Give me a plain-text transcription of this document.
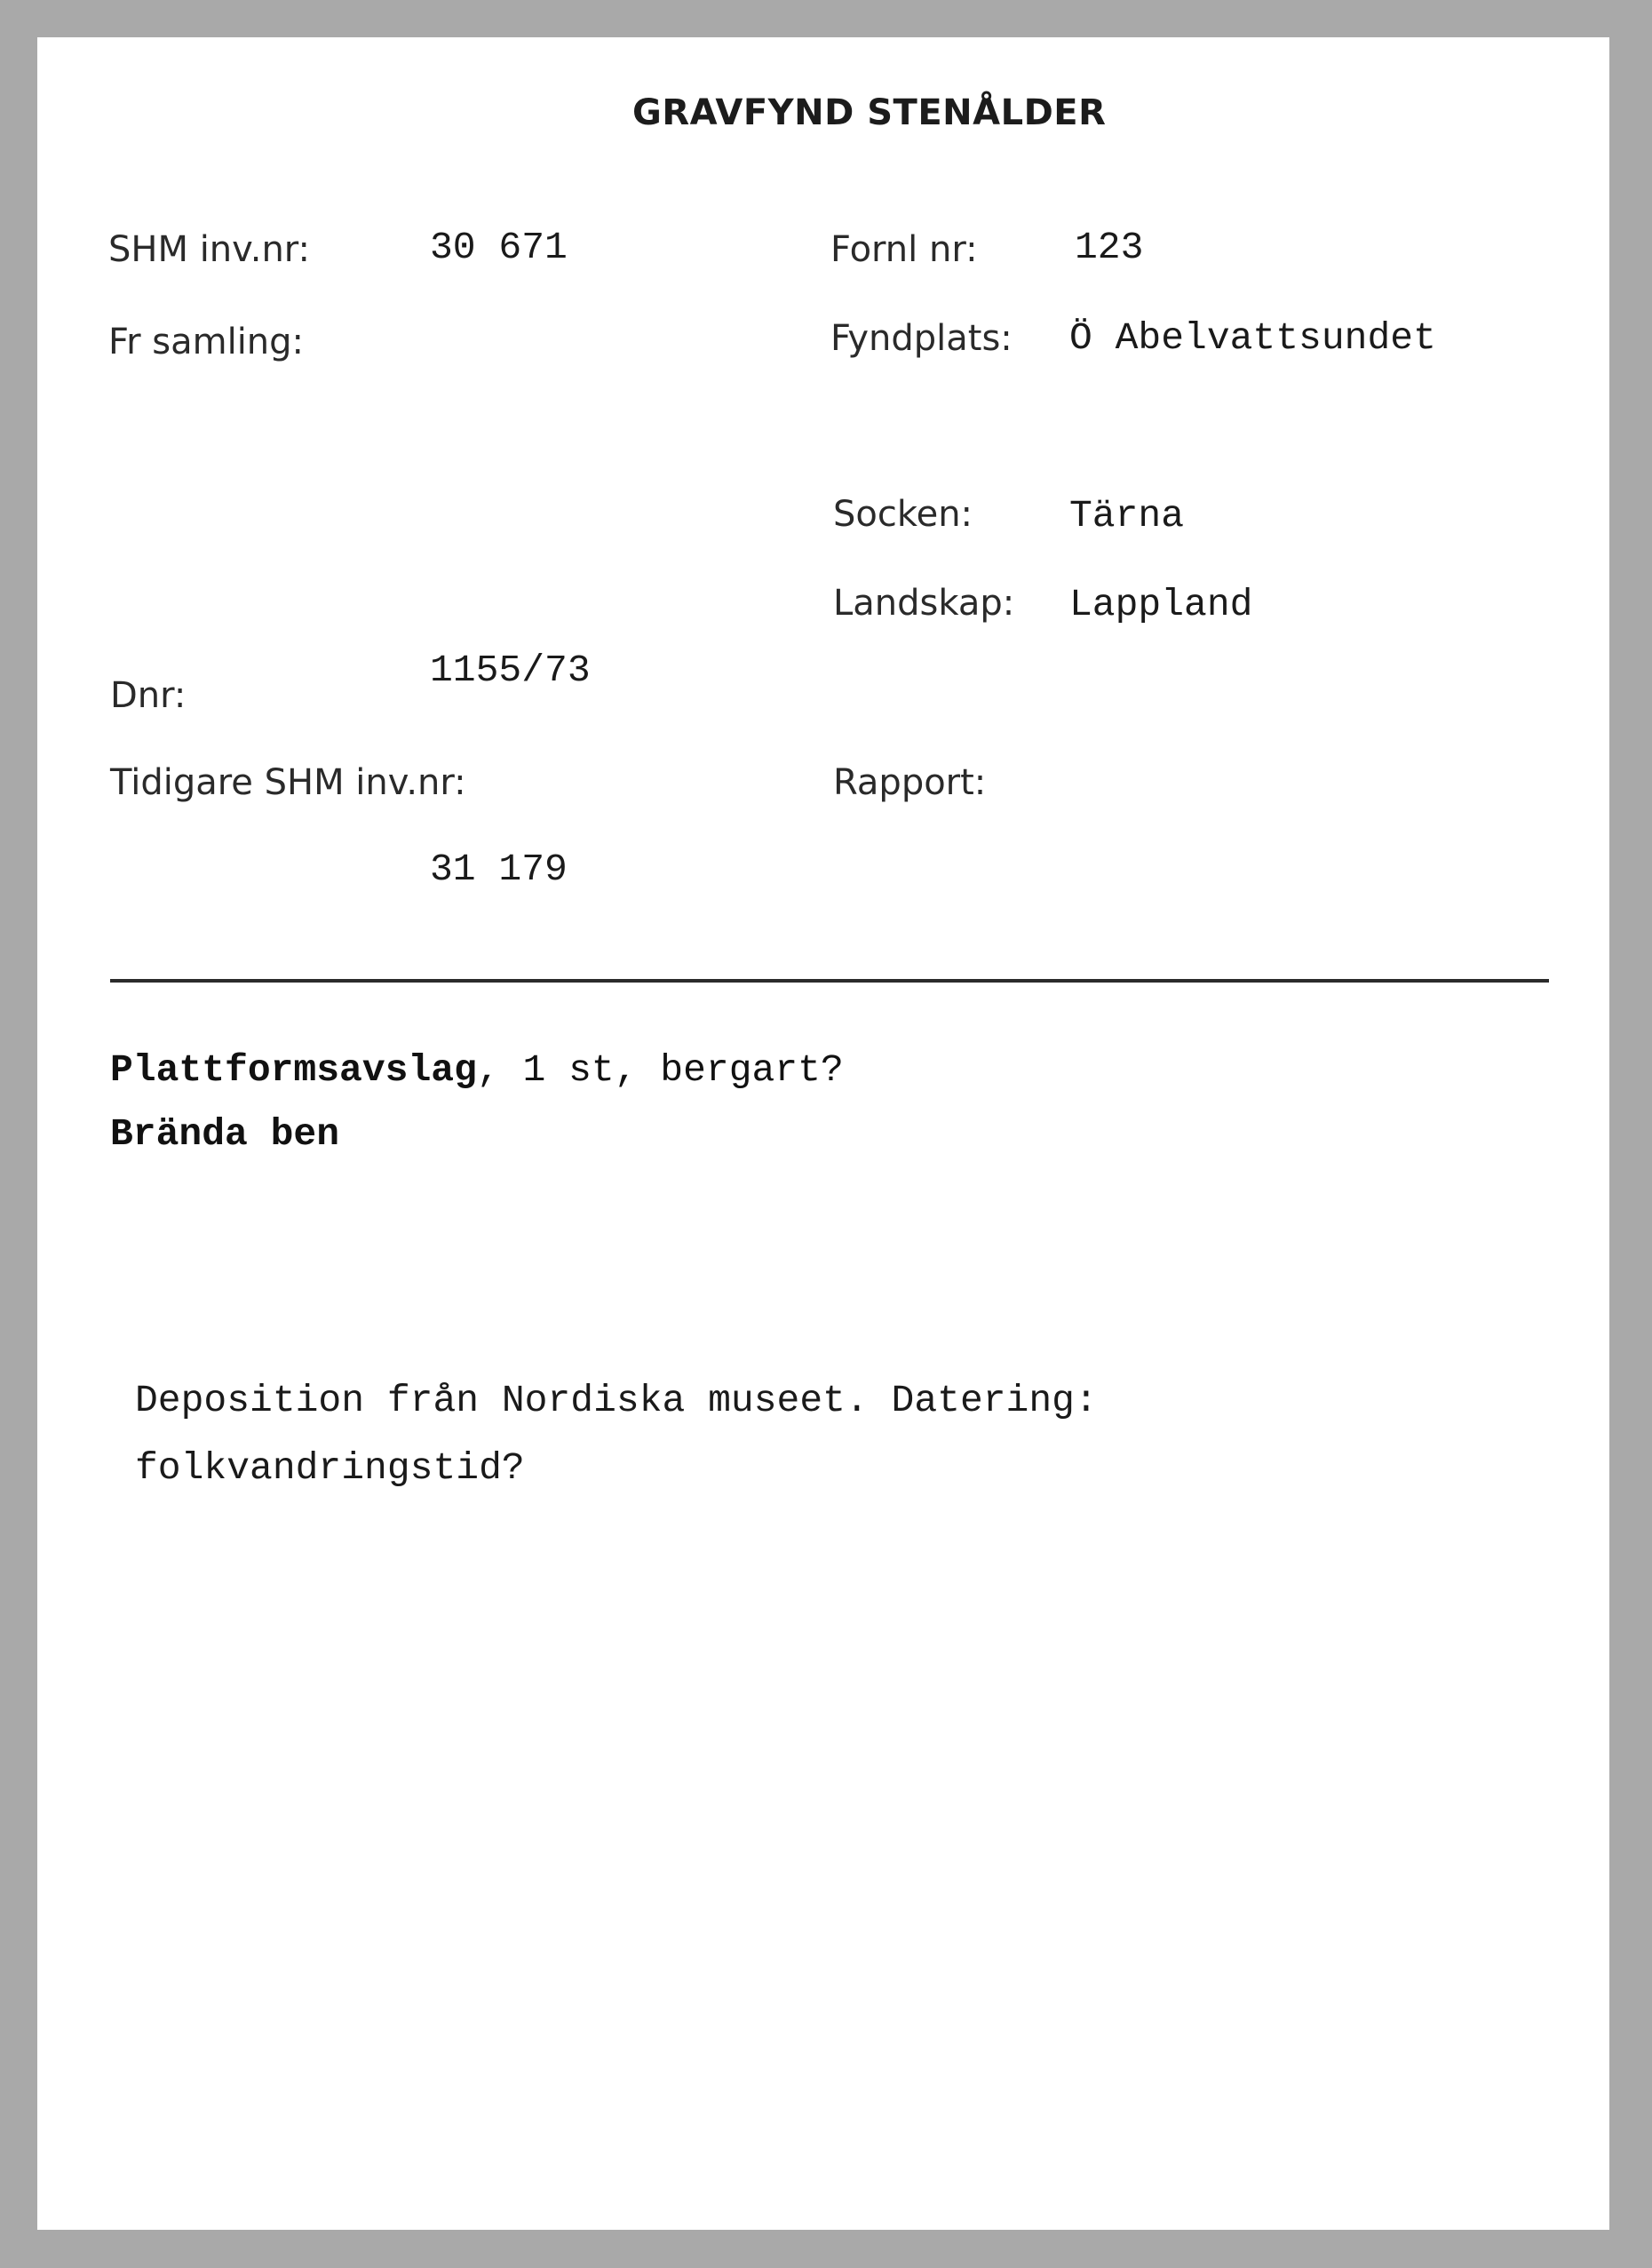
GRAVFYND STENÅLDER
SHM inv.nr:	30 671
Fr samling:
Dnr:
1155/73
Tidigare SHM inv.nr:
31 179
Fornl nr:	123
Fyndplats: Ö Abelvattsundet
Socken:	Tärna
Landskap: Lappland
Rapport:
Plattformsavslag, 1 st, bergart?
Brända ben
Deposition från Nordiska museet. Datering:
folkvandringstid?
